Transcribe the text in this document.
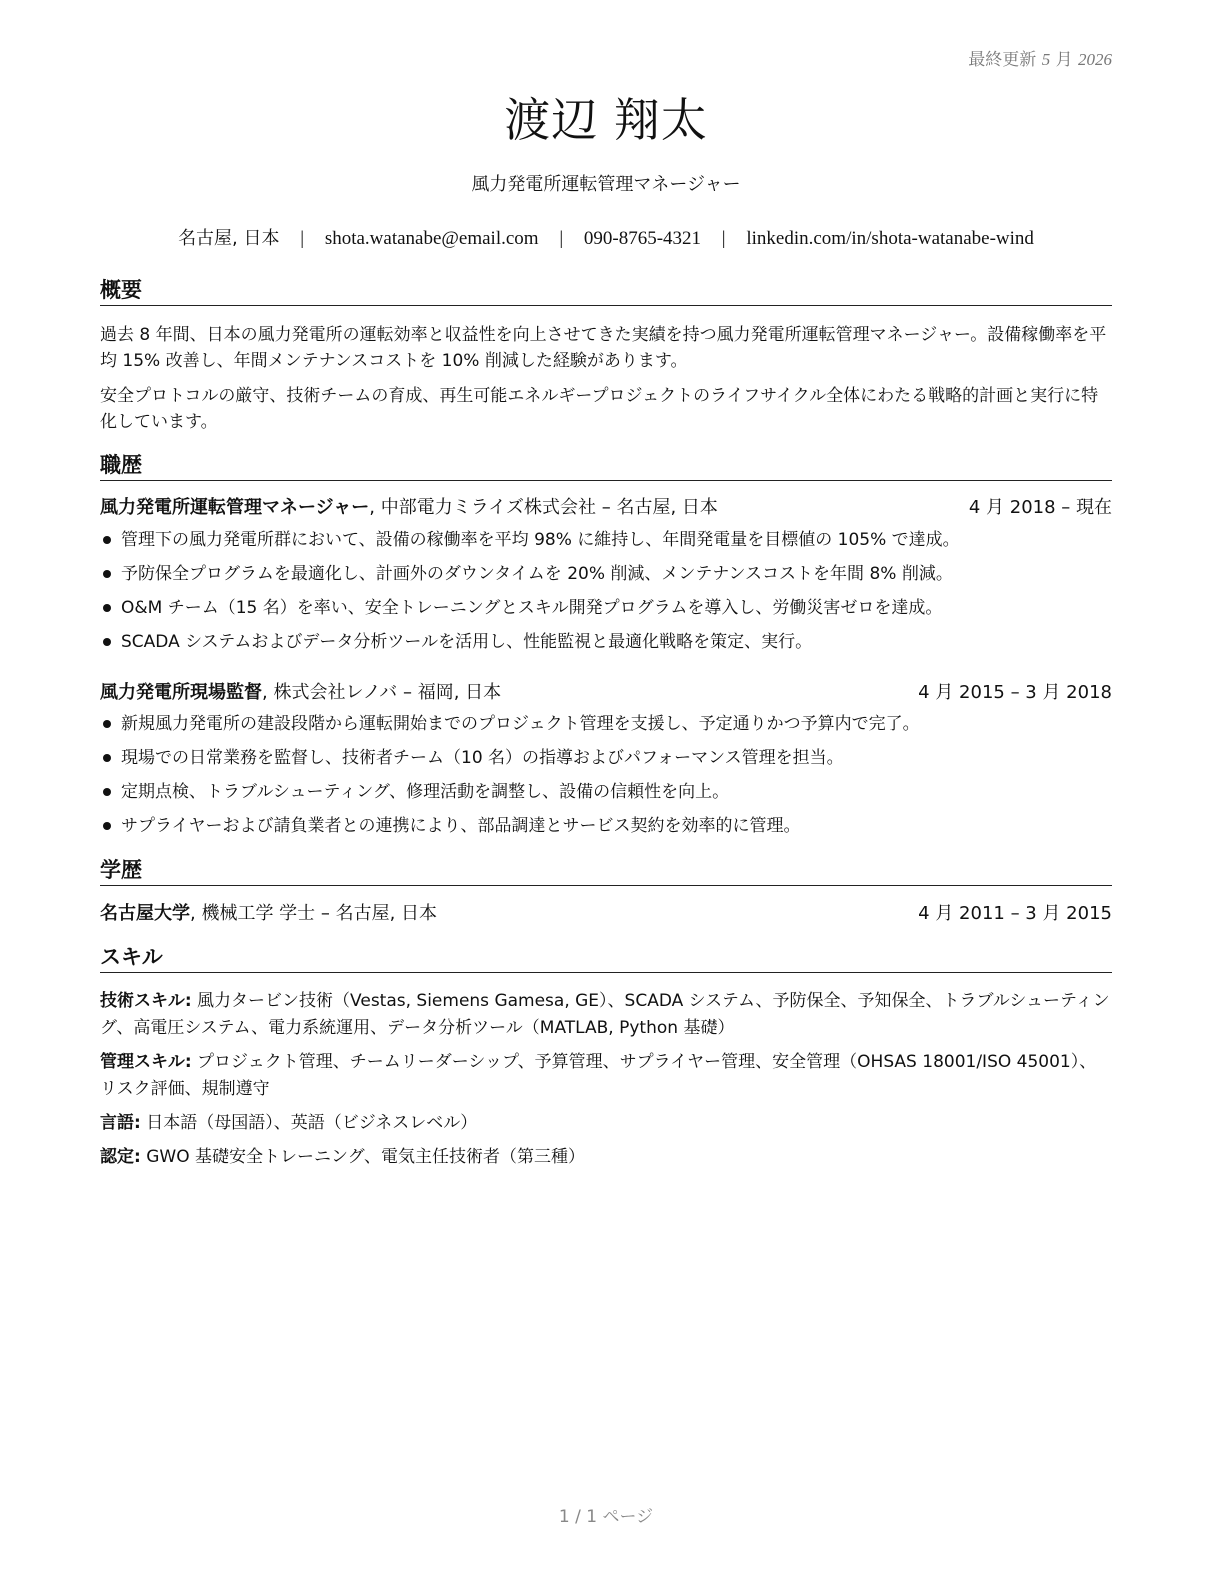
最終更新 5 月 2026
渡辺 翔太
風力発電所運転管理マネージャー
名古屋, 日本 | shota.watanabe@email.com | 090-8765-4321 | linkedin.com/in/shota-watanabe-wind
概要

過去 8 年間、日本の風力発電所の運転効率と収益性を向上させてきた実績を持つ風力発電所運転管理マネージャー。設備稼働率を平均 15% 改善し、年間メンテナンスコストを 10% 削減した経験があります。

安全プロトコルの厳守、技術チームの育成、再生可能エネルギープロジェクトのライフサイクル全体にわたる戦略的計画と実行に特化しています。

職歴
風力発電所運転管理マネージャー, 中部電力ミライズ株式会社 – 名古屋, 日本	4 月 2018 – 現在
管理下の風力発電所群において、設備の稼働率を平均 98% に維持し、年間発電量を目標値の 105% で達成。
予防保全プログラムを最適化し、計画外のダウンタイムを 20% 削減、メンテナンスコストを年間 8% 削減。
O&M チーム（15 名）を率い、安全トレーニングとスキル開発プログラムを導入し、労働災害ゼロを達成。
SCADA システムおよびデータ分析ツールを活用し、性能監視と最適化戦略を策定、実行。
風力発電所現場監督, 株式会社レノバ – 福岡, 日本	4 月 2015 – 3 月 2018
新規風力発電所の建設段階から運転開始までのプロジェクト管理を支援し、予定通りかつ予算内で完了。
現場での日常業務を監督し、技術者チーム（10 名）の指導およびパフォーマンス管理を担当。
定期点検、トラブルシューティング、修理活動を調整し、設備の信頼性を向上。
サプライヤーおよび請負業者との連携により、部品調達とサービス契約を効率的に管理。
学歴
名古屋大学, 機械工学 学士 – 名古屋, 日本	4 月 2011 – 3 月 2015
スキル

技術スキル: 風力タービン技術（Vestas, Siemens Gamesa, GE）、SCADA システム、予防保全、予知保全、トラブルシューティング、高電圧システム、電力系統運用、データ分析ツール（MATLAB, Python 基礎）

管理スキル: プロジェクト管理、チームリーダーシップ、予算管理、サプライヤー管理、安全管理（OHSAS 18001/ISO 45001）、リスク評価、規制遵守

言語: 日本語（母国語）、英語（ビジネスレベル）

認定: GWO 基礎安全トレーニング、電気主任技術者（第三種）

1 / 1 ページ
